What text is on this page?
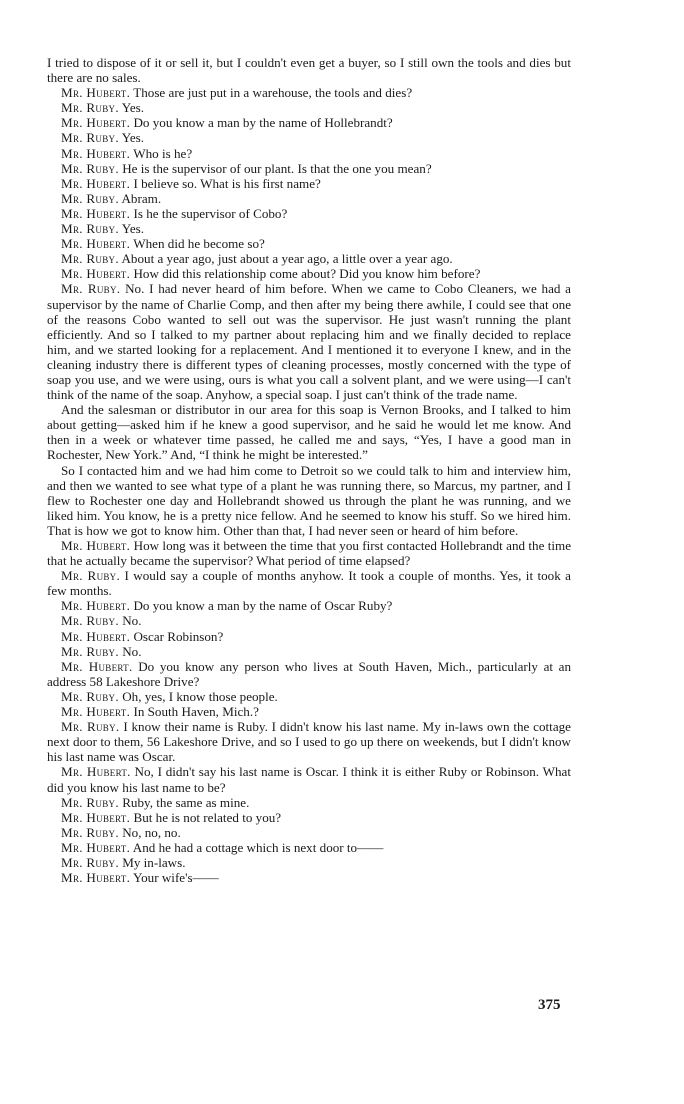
I tried to dispose of it or sell it, but I couldn't even get a buyer, so I still own the tools and dies but there are no sales.

Mr. Hubert. Those are just put in a warehouse, the tools and dies?

Mr. Ruby. Yes.

Mr. Hubert. Do you know a man by the name of Hollebrandt?

Mr. Ruby. Yes.

Mr. Hubert. Who is he?

Mr. Ruby. He is the supervisor of our plant. Is that the one you mean?

Mr. Hubert. I believe so. What is his first name?

Mr. Ruby. Abram.

Mr. Hubert. Is he the supervisor of Cobo?

Mr. Ruby. Yes.

Mr. Hubert. When did he become so?

Mr. Ruby. About a year ago, just about a year ago, a little over a year ago.

Mr. Hubert. How did this relationship come about? Did you know him before?

Mr. Ruby. No. I had never heard of him before. When we came to Cobo Cleaners, we had a supervisor by the name of Charlie Comp, and then after my being there awhile, I could see that one of the reasons Cobo wanted to sell out was the supervisor. He just wasn't running the plant efficiently. And so I talked to my partner about replacing him and we finally decided to replace him, and we started looking for a replacement. And I mentioned it to everyone I knew, and in the cleaning industry there is different types of cleaning processes, mostly concerned with the type of soap you use, and we were using, ours is what you call a solvent plant, and we were using—I can't think of the name of the soap. Anyhow, a special soap. I just can't think of the trade name.

And the salesman or distributor in our area for this soap is Vernon Brooks, and I talked to him about getting—asked him if he knew a good supervisor, and he said he would let me know. And then in a week or whatever time passed, he called me and says, “Yes, I have a good man in Rochester, New York.” And, “I think he might be interested.”

So I contacted him and we had him come to Detroit so we could talk to him and interview him, and then we wanted to see what type of a plant he was running there, so Marcus, my partner, and I flew to Rochester one day and Hollebrandt showed us through the plant he was running, and we liked him. You know, he is a pretty nice fellow. And he seemed to know his stuff. So we hired him. That is how we got to know him. Other than that, I had never seen or heard of him before.

Mr. Hubert. How long was it between the time that you first contacted Hollebrandt and the time that he actually became the supervisor? What period of time elapsed?

Mr. Ruby. I would say a couple of months anyhow. It took a couple of months. Yes, it took a few months.

Mr. Hubert. Do you know a man by the name of Oscar Ruby?

Mr. Ruby. No.

Mr. Hubert. Oscar Robinson?

Mr. Ruby. No.

Mr. Hubert. Do you know any person who lives at South Haven, Mich., particularly at an address 58 Lakeshore Drive?

Mr. Ruby. Oh, yes, I know those people.

Mr. Hubert. In South Haven, Mich.?

Mr. Ruby. I know their name is Ruby. I didn't know his last name. My in-laws own the cottage next door to them, 56 Lakeshore Drive, and so I used to go up there on weekends, but I didn't know his last name was Oscar.

Mr. Hubert. No, I didn't say his last name is Oscar. I think it is either Ruby or Robinson. What did you know his last name to be?

Mr. Ruby. Ruby, the same as mine.

Mr. Hubert. But he is not related to you?

Mr. Ruby. No, no, no.

Mr. Hubert. And he had a cottage which is next door to——

Mr. Ruby. My in-laws.

Mr. Hubert. Your wife's——

375
